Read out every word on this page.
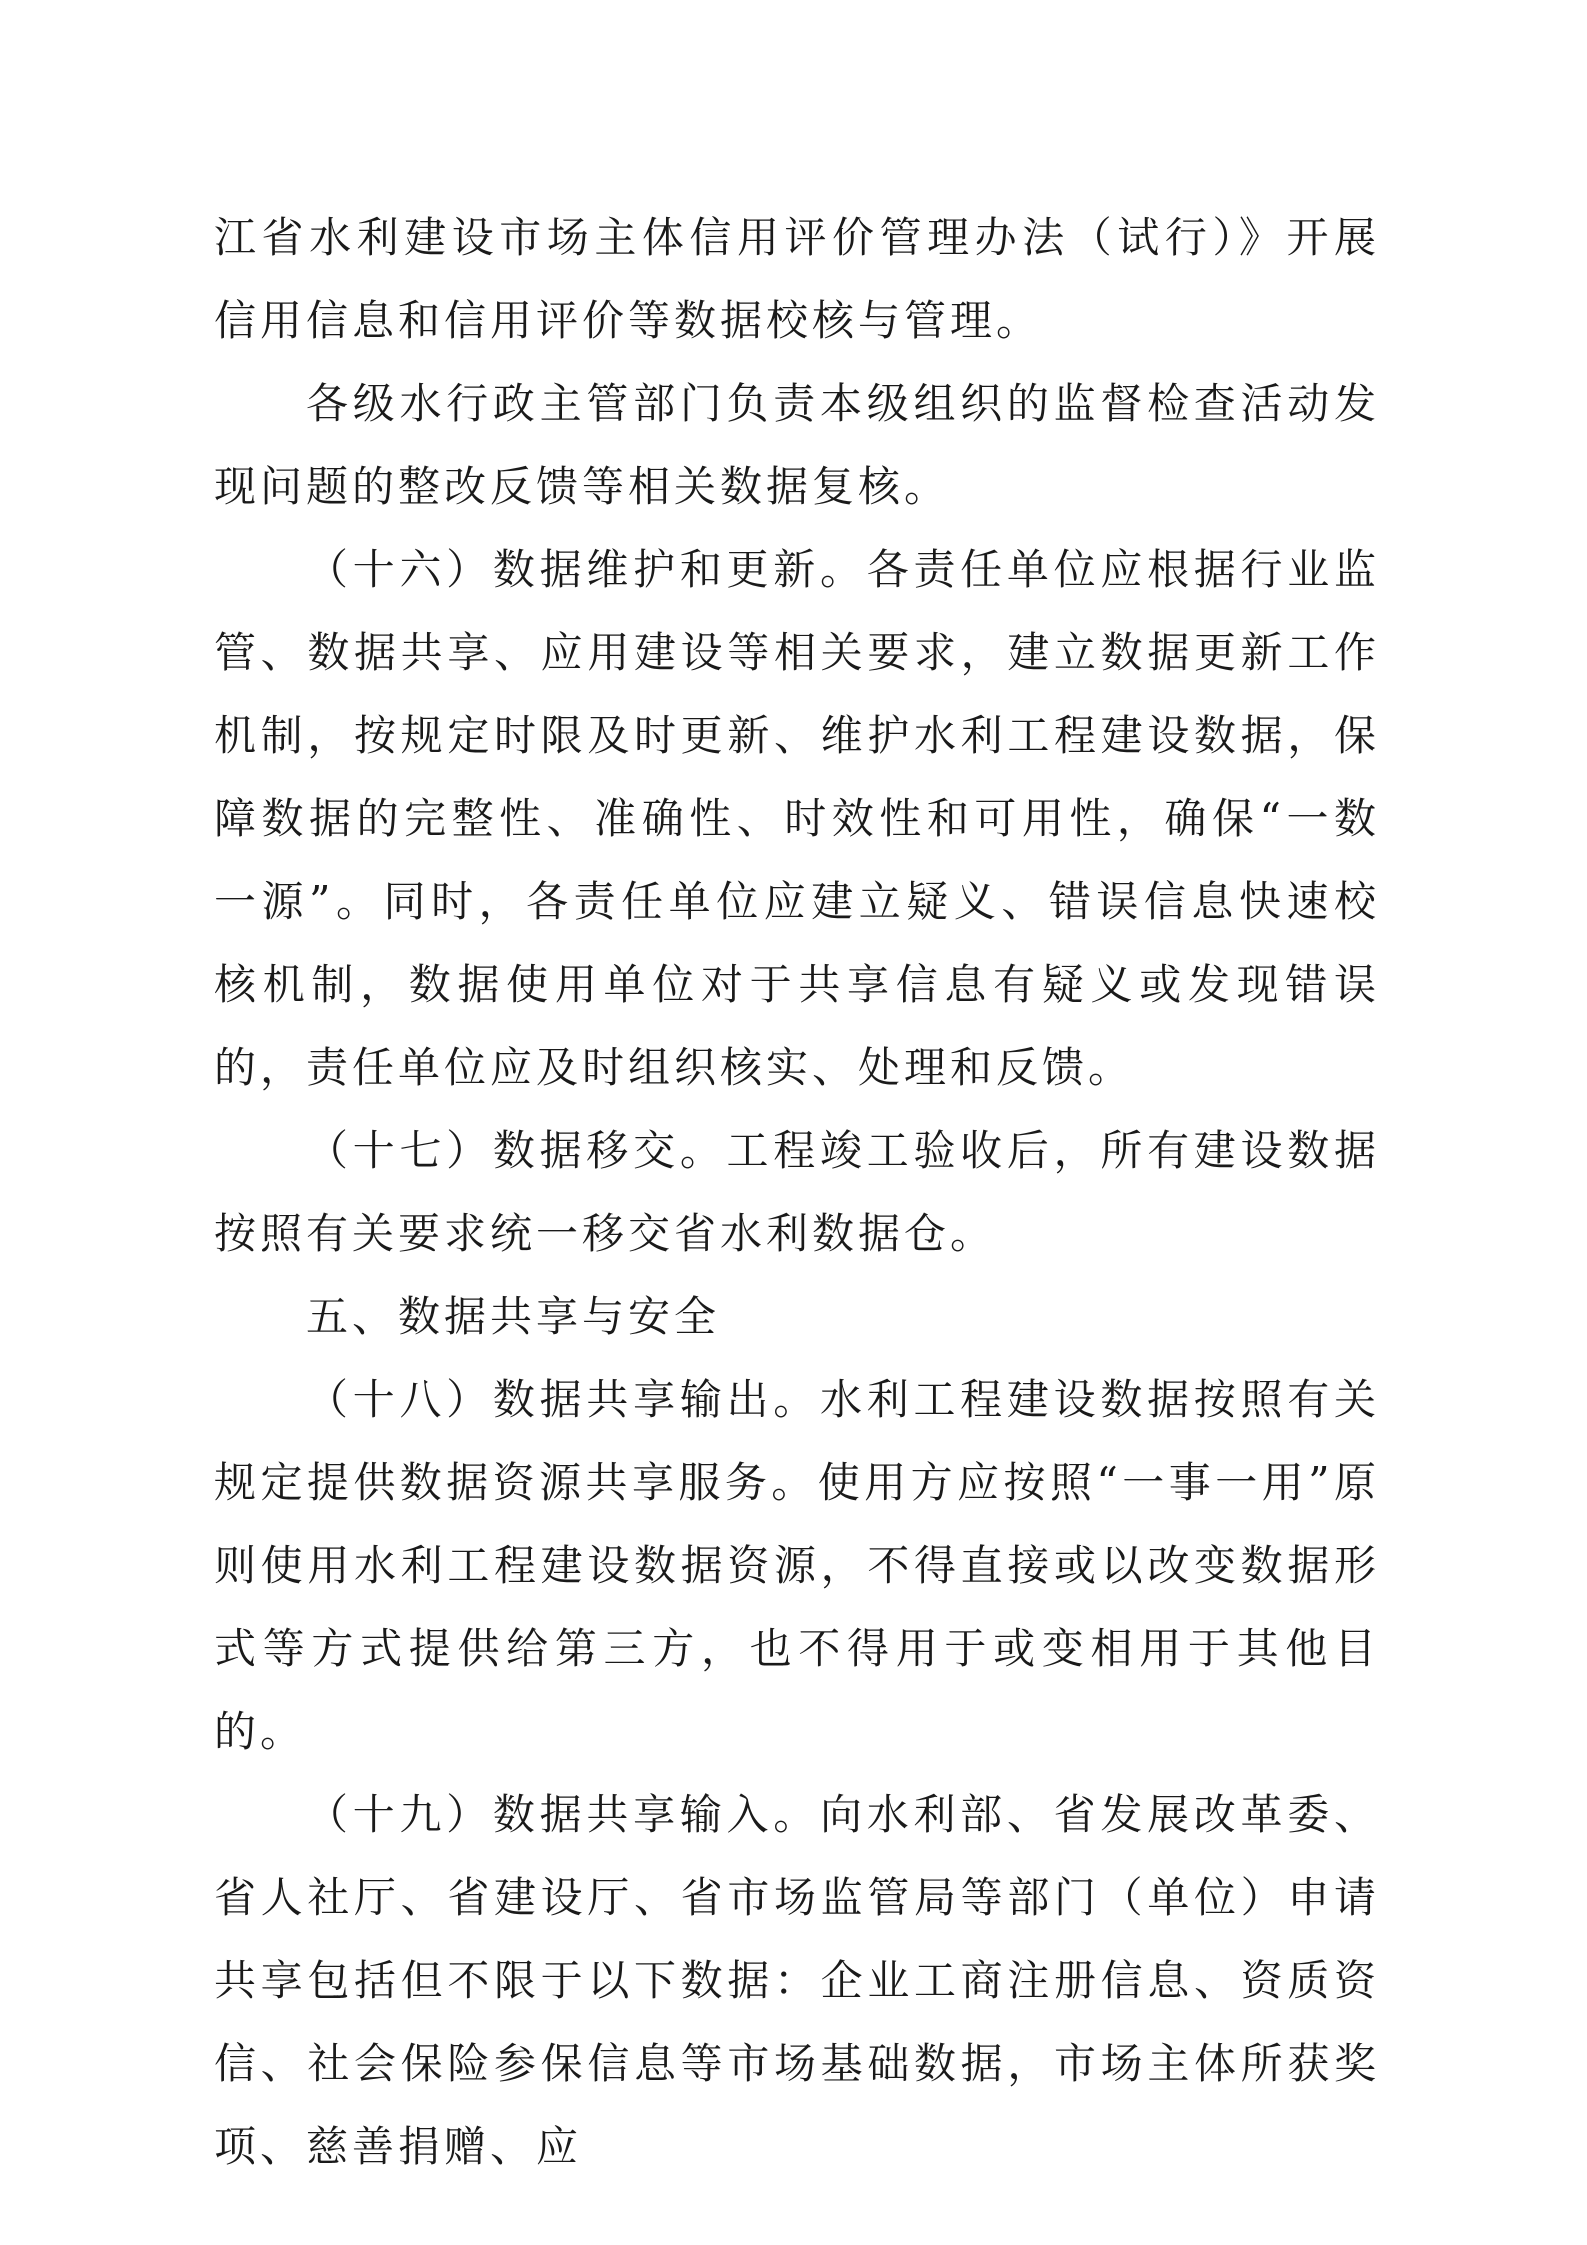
江省水利建设市场主体信用评价管理办法（试行）》开展信用信息和信用评价等数据校核与管理。

各级水行政主管部门负责本级组织的监督检查活动发现问题的整改反馈等相关数据复核。

（十六）数据维护和更新。各责任单位应根据行业监管、数据共享、应用建设等相关要求，建立数据更新工作机制，按规定时限及时更新、维护水利工程建设数据，保障数据的完整性、准确性、时效性和可用性，确保“一数一源”。同时，各责任单位应建立疑义、错误信息快速校核机制，数据使用单位对于共享信息有疑义或发现错误的，责任单位应及时组织核实、处理和反馈。

（十七）数据移交。工程竣工验收后，所有建设数据按照有关要求统一移交省水利数据仓。

五、数据共享与安全

（十八）数据共享输出。水利工程建设数据按照有关规定提供数据资源共享服务。使用方应按照“一事一用”原则使用水利工程建设数据资源，不得直接或以改变数据形式等方式提供给第三方，也不得用于或变相用于其他目的。

（十九）数据共享输入。向水利部、省发展改革委、省人社厅、省建设厅、省市场监管局等部门（单位）申请共享包括但不限于以下数据：企业工商注册信息、资质资信、社会保险参保信息等市场基础数据，市场主体所获奖项、慈善捐赠、应
